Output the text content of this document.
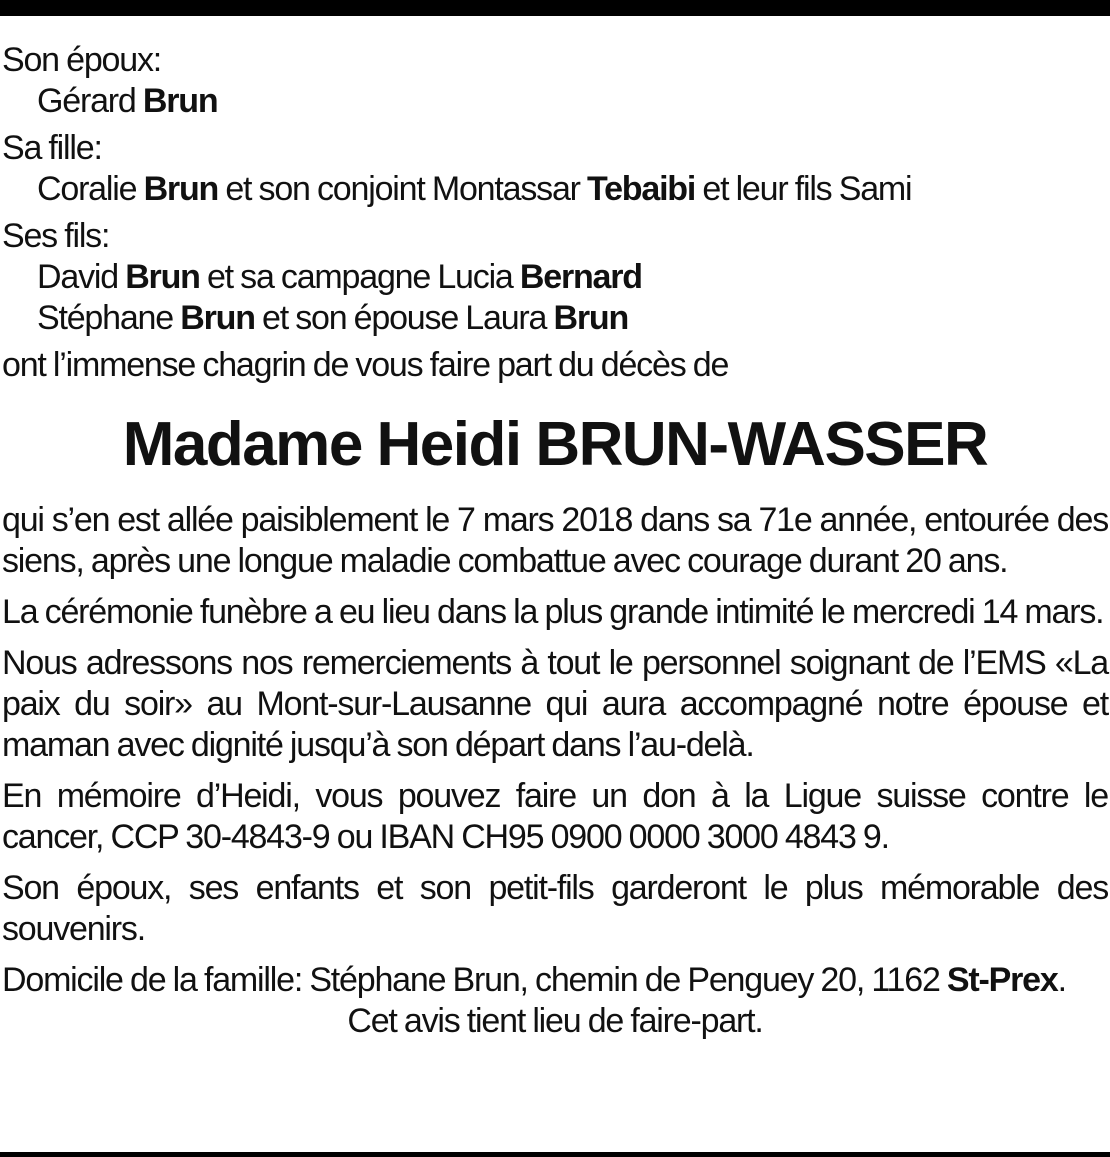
Son époux:
Gérard Brun
Sa fille:
Coralie Brun et son conjoint Montassar Tebaibi et leur fils Sami
Ses fils:
David Brun et sa campagne Lucia Bernard
Stéphane Brun et son épouse Laura Brun
ont l’immense chagrin de vous faire part du décès de
Madame Heidi BRUN-WASSER
qui s’en est allée paisiblement le 7 mars 2018 dans sa 71e année, entourée des siens, après une longue maladie combattue avec courage durant 20 ans.
La cérémonie funèbre a eu lieu dans la plus grande intimité le mercredi 14 mars.
Nous adressons nos remerciements à tout le personnel soignant de l’EMS «La paix du soir» au Mont-sur-Lausanne qui aura accompagné notre épouse et maman avec dignité jusqu’à son départ dans l’au-delà.
En mémoire d’Heidi, vous pouvez faire un don à la Ligue suisse contre le cancer, CCP 30-4843-9 ou IBAN CH95 0900 0000 3000 4843 9.
Son époux, ses enfants et son petit-fils garderont le plus mémorable des souvenirs.
Domicile de la famille: Stéphane Brun, chemin de Penguey 20, 1162 St-Prex.
Cet avis tient lieu de faire-part.
